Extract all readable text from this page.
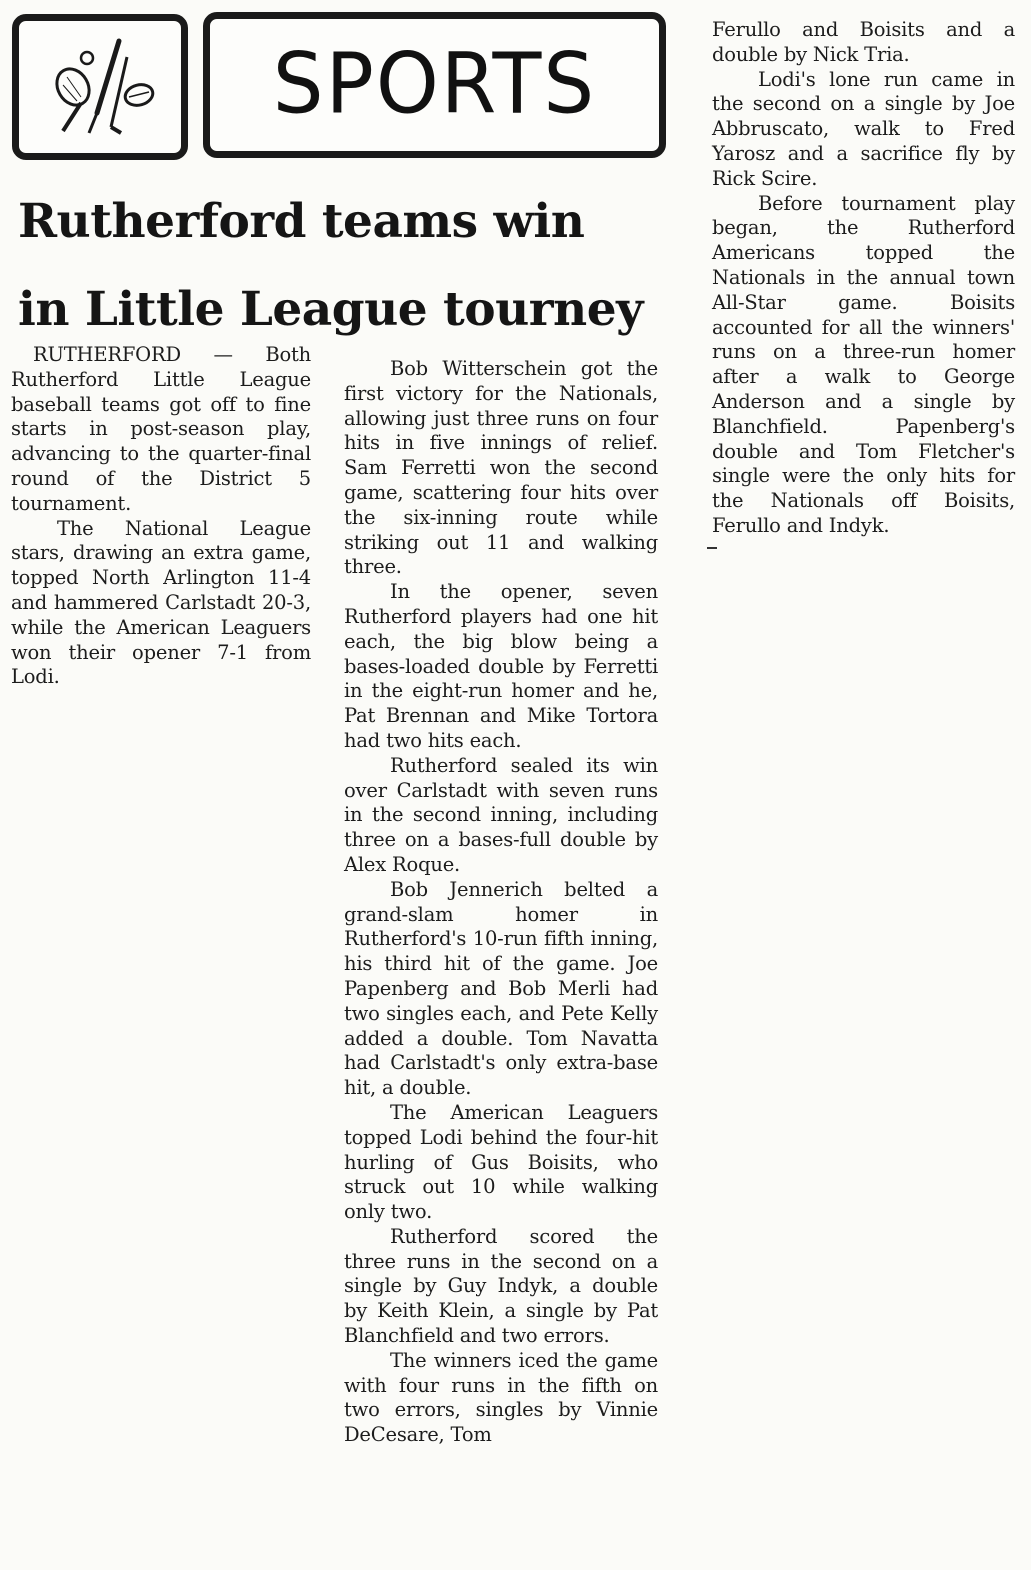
SPORTS
Rutherford teams win
in Little League tourney

RUTHERFORD — Both Rutherford Little League baseball teams got off to fine starts in post-season play, advancing to the quarter-final round of the District 5 tournament.

The National League stars, drawing an extra game, topped North Arlington 11-4 and hammered Carlstadt 20-3, while the American Leaguers won their opener 7-1 from Lodi.

Bob Witterschein got the first victory for the Nationals, allowing just three runs on four hits in five innings of relief. Sam Ferretti won the second game, scattering four hits over the six-inning route while striking out 11 and walking three.

In the opener, seven Rutherford players had one hit each, the big blow being a bases-loaded double by Ferretti in the eight-run homer and he, Pat Brennan and Mike Tortora had two hits each.

Rutherford sealed its win over Carlstadt with seven runs in the second inning, including three on a bases-full double by Alex Roque.

Bob Jennerich belted a grand-slam homer in Rutherford's 10-run fifth inning, his third hit of the game. Joe Papenberg and Bob Merli had two singles each, and Pete Kelly added a double. Tom Navatta had Carlstadt's only extra-base hit, a double.

The American Leaguers topped Lodi behind the four-hit hurling of Gus Boisits, who struck out 10 while walking only two.

Rutherford scored the three runs in the second on a single by Guy Indyk, a double by Keith Klein, a single by Pat Blanchfield and two errors.

The winners iced the game with four runs in the fifth on two errors, singles by Vinnie DeCesare, Tom

Ferullo and Boisits and a double by Nick Tria.

Lodi's lone run came in the second on a single by Joe Abbruscato, walk to Fred Yarosz and a sacrifice fly by Rick Scire.

Before tournament play began, the Rutherford Americans topped the Nationals in the annual town All-Star game. Boisits accounted for all the winners' runs on a three-run homer after a walk to George Anderson and a single by Blanchfield. Papenberg's double and Tom Fletcher's single were the only hits for the Nationals off Boisits, Ferullo and Indyk.
